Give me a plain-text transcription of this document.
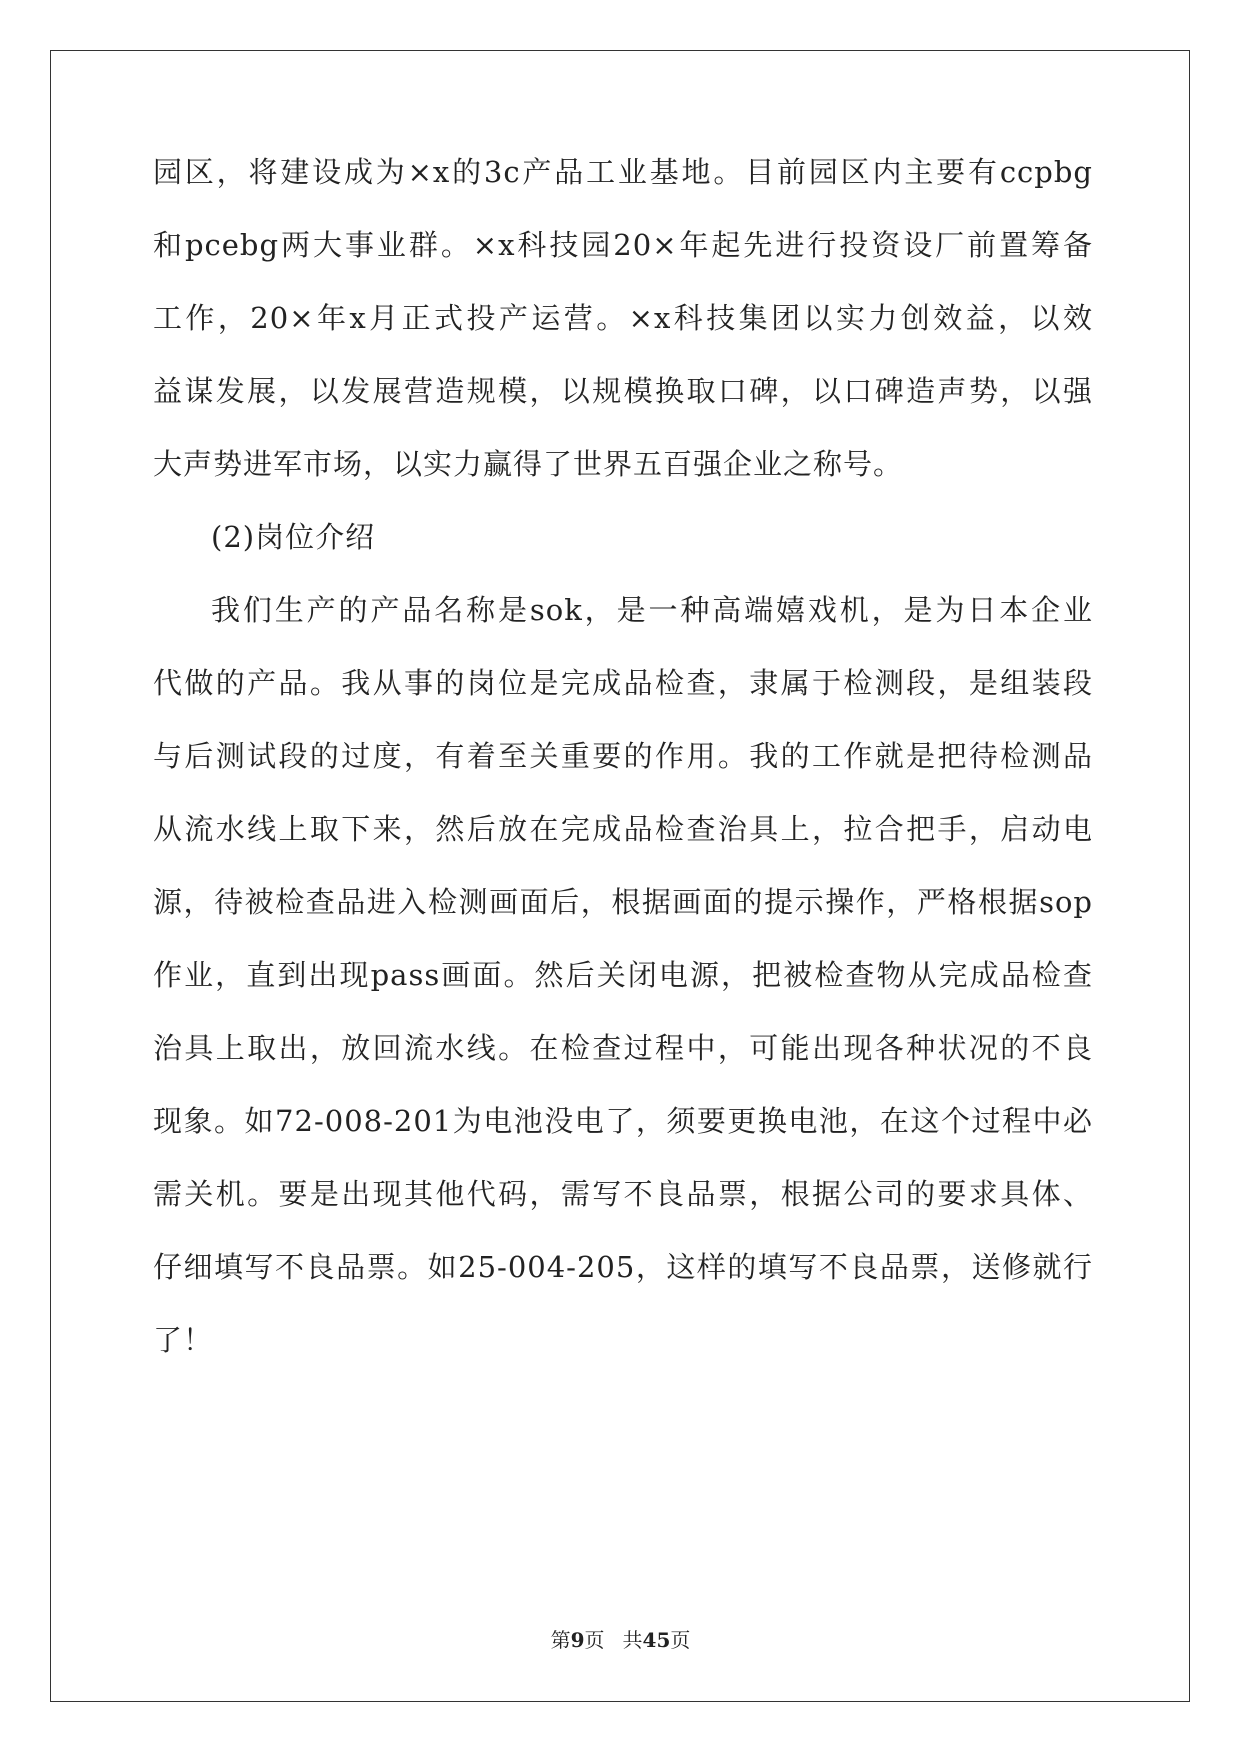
园区，将建设成为×x的3c产品工业基地。目前园区内主要有ccpbg
和pcebg两大事业群。×x科技园20×年起先进行投资设厂前置筹备
工作，20×年x月正式投产运营。×x科技集团以实力创效益，以效
益谋发展，以发展营造规模，以规模换取口碑，以口碑造声势，以强
大声势进军市场，以实力赢得了世界五百强企业之称号。
(2)岗位介绍
我们生产的产品名称是sok，是一种高端嬉戏机，是为日本企业
代做的产品。我从事的岗位是完成品检查，隶属于检测段，是组装段
与后测试段的过度，有着至关重要的作用。我的工作就是把待检测品
从流水线上取下来，然后放在完成品检查治具上，拉合把手，启动电
源，待被检查品进入检测画面后，根据画面的提示操作，严格根据sop
作业，直到出现pass画面。然后关闭电源，把被检查物从完成品检查
治具上取出，放回流水线。在检查过程中，可能出现各种状况的不良
现象。如72-008-201为电池没电了，须要更换电池，在这个过程中必
需关机。要是出现其他代码，需写不良品票，根据公司的要求具体、
仔细填写不良品票。如25-004-205，这样的填写不良品票，送修就行
了！
第9页 共45页
